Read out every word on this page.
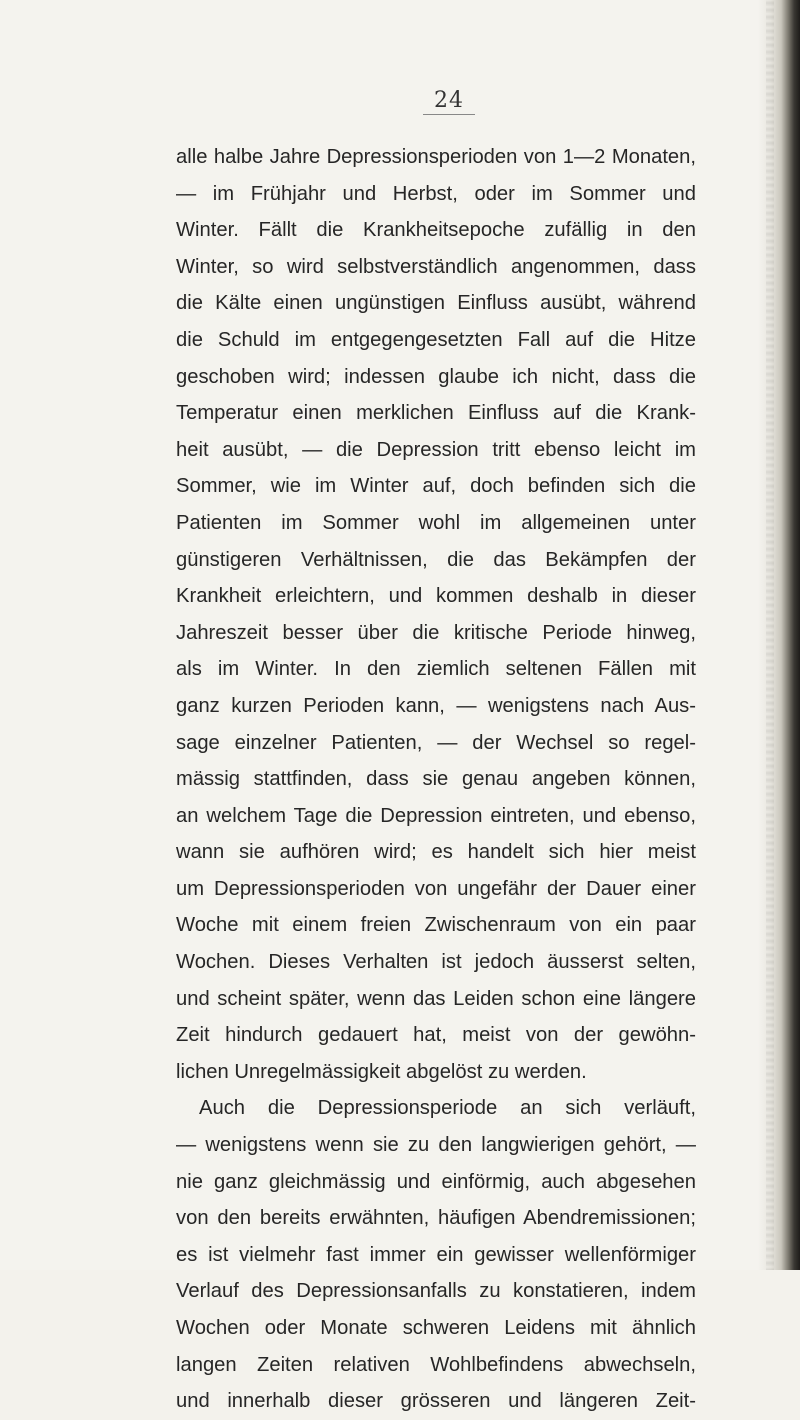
24
alle halbe Jahre Depressionsperioden von 1—2 Monaten,
— im Frühjahr und Herbst, oder im Sommer und
Winter. Fällt die Krankheitsepoche zufällig in den
Winter, so wird selbstverständlich angenommen, dass
die Kälte einen ungünstigen Einfluss ausübt, während
die Schuld im entgegengesetzten Fall auf die Hitze
geschoben wird; indessen glaube ich nicht, dass die
Temperatur einen merklichen Einfluss auf die Krank-
heit ausübt, — die Depression tritt ebenso leicht im
Sommer, wie im Winter auf, doch befinden sich die
Patienten im Sommer wohl im allgemeinen unter
günstigeren Verhältnissen, die das Bekämpfen der
Krankheit erleichtern, und kommen deshalb in dieser
Jahreszeit besser über die kritische Periode hinweg,
als im Winter. In den ziemlich seltenen Fällen mit
ganz kurzen Perioden kann, — wenigstens nach Aus-
sage einzelner Patienten, — der Wechsel so regel-
mässig stattfinden, dass sie genau angeben können,
an welchem Tage die Depression eintreten, und ebenso,
wann sie aufhören wird; es handelt sich hier meist
um Depressionsperioden von ungefähr der Dauer einer
Woche mit einem freien Zwischenraum von ein paar
Wochen. Dieses Verhalten ist jedoch äusserst selten,
und scheint später, wenn das Leiden schon eine längere
Zeit hindurch gedauert hat, meist von der gewöhn-
lichen Unregelmässigkeit abgelöst zu werden.
Auch die Depressionsperiode an sich verläuft,
— wenigstens wenn sie zu den langwierigen gehört, —
nie ganz gleichmässig und einförmig, auch abgesehen
von den bereits erwähnten, häufigen Abendremissionen;
es ist vielmehr fast immer ein gewisser wellenförmiger
Verlauf des Depressionsanfalls zu konstatieren, indem
Wochen oder Monate schweren Leidens mit ähnlich
langen Zeiten relativen Wohlbefindens abwechseln,
und innerhalb dieser grösseren und längeren Zeit-
